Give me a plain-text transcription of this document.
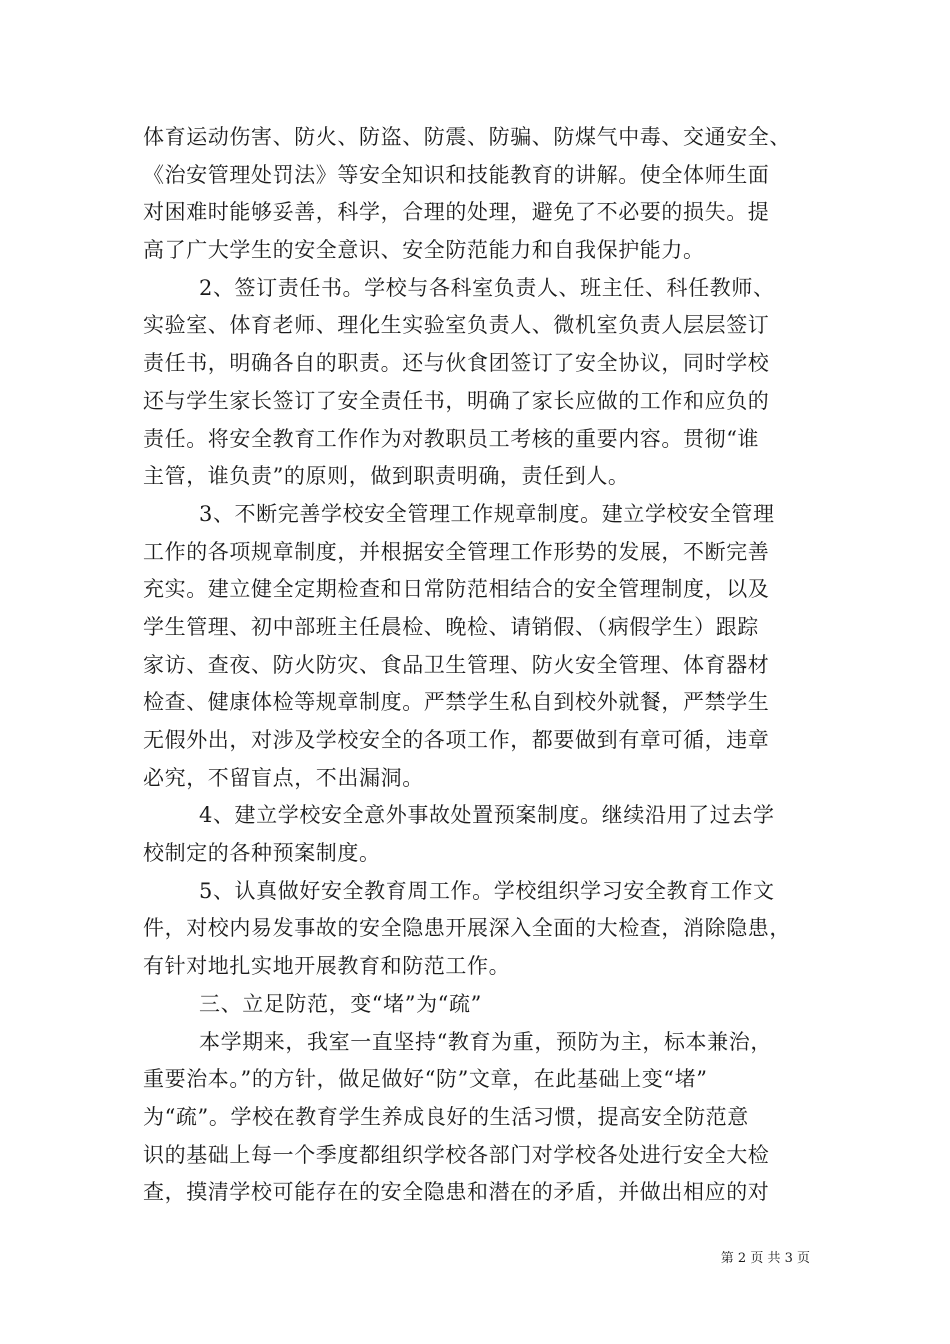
体育运动伤害、防火、防盗、防震、防骗、防煤气中毒、交通安全、
《治安管理处罚法》等安全知识和技能教育的讲解。使全体师生面
对困难时能够妥善，科学，合理的处理，避免了不必要的损失。提
高了广大学生的安全意识、安全防范能力和自我保护能力。
2、签订责任书。学校与各科室负责人、班主任、科任教师、
实验室、体育老师、理化生实验室负责人、微机室负责人层层签订
责任书，明确各自的职责。还与伙食团签订了安全协议，同时学校
还与学生家长签订了安全责任书，明确了家长应做的工作和应负的
责任。将安全教育工作作为对教职员工考核的重要内容。贯彻“谁
主管，谁负责”的原则，做到职责明确，责任到人。
3、不断完善学校安全管理工作规章制度。建立学校安全管理
工作的各项规章制度，并根据安全管理工作形势的发展，不断完善
充实。建立健全定期检查和日常防范相结合的安全管理制度，以及
学生管理、初中部班主任晨检、晚检、请销假、（病假学生）跟踪
家访、查夜、防火防灾、食品卫生管理、防火安全管理、体育器材
检查、健康体检等规章制度。严禁学生私自到校外就餐，严禁学生
无假外出，对涉及学校安全的各项工作，都要做到有章可循，违章
必究，不留盲点，不出漏洞。
4、建立学校安全意外事故处置预案制度。继续沿用了过去学
校制定的各种预案制度。
5、认真做好安全教育周工作。学校组织学习安全教育工作文
件，对校内易发事故的安全隐患开展深入全面的大检查，消除隐患，
有针对地扎实地开展教育和防范工作。
三、立足防范，变“堵”为“疏”
本学期来，我室一直坚持“教育为重，预防为主，标本兼治，
重要治本。”的方针，做足做好“防”文章，在此基础上变“堵”
为“疏”。学校在教育学生养成良好的生活习惯，提高安全防范意
识的基础上每一个季度都组织学校各部门对学校各处进行安全大检
查，摸清学校可能存在的安全隐患和潜在的矛盾，并做出相应的对
第 2 页 共 3 页
